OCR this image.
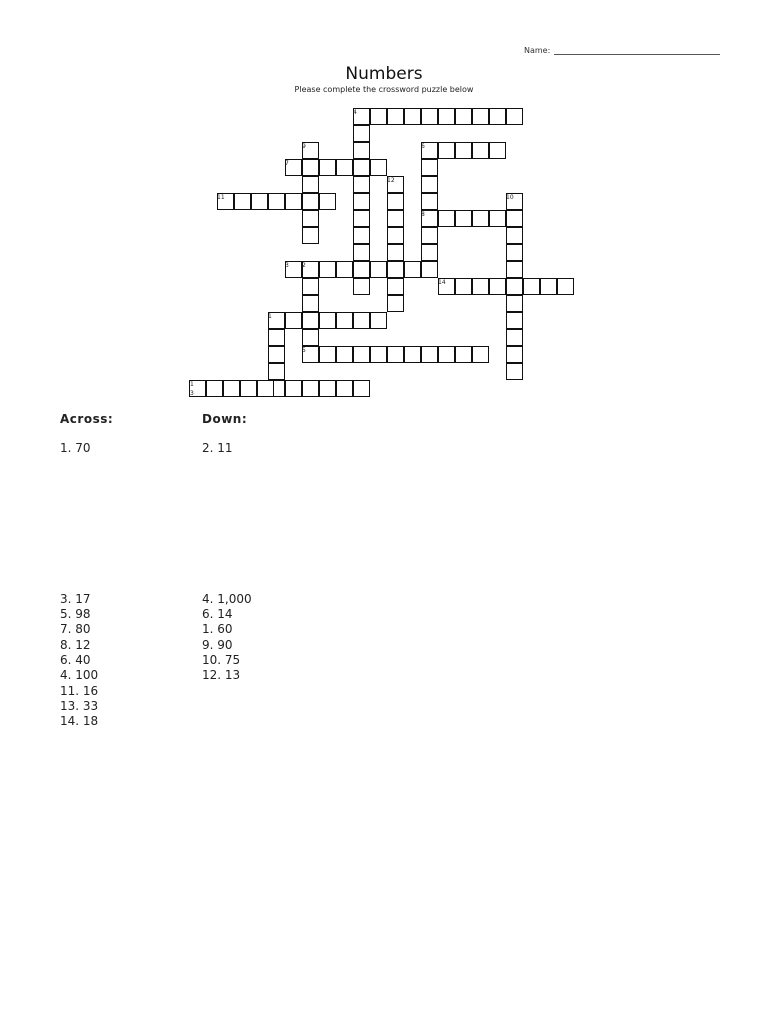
Name:
Numbers
Please complete the crossword puzzle below
4
9	6
7
12
11	10
8
3 2
14
1
5
1
3
Across:	Down:
1. 70
3. 17
5. 98
7. 80
8. 12
6. 40
4. 100
11. 16
13. 33
14. 18
2. 11
4. 1,000
6. 14
1. 60
9. 90
10. 75
12. 13
